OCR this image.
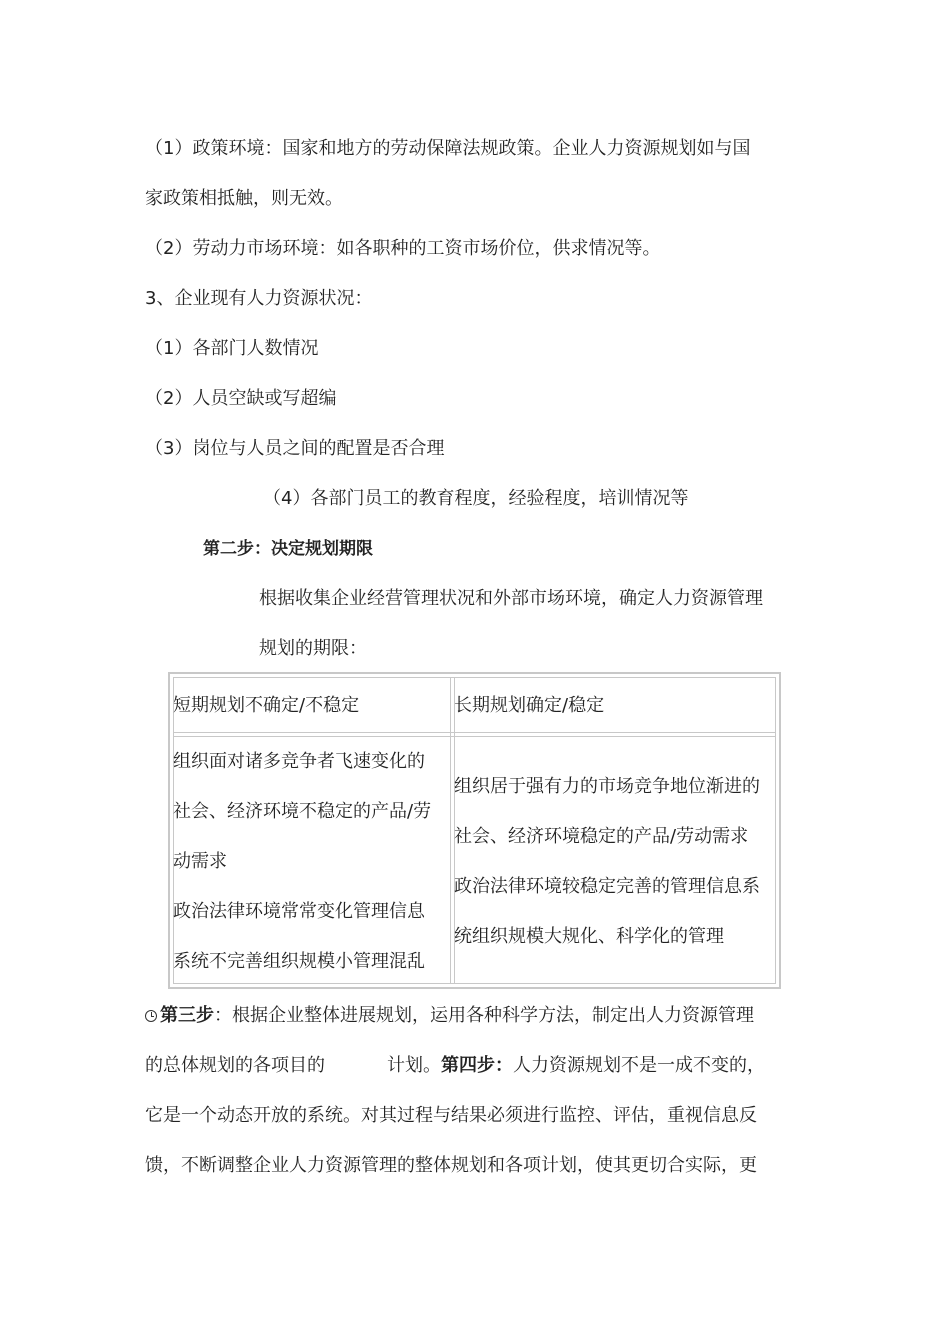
（1）政策环境：国家和地方的劳动保障法规政策。企业人力资源规划如与国
家政策相抵触，则无效。
（2）劳动力市场环境：如各职种的工资市场价位，供求情况等。
3、企业现有人力资源状况：
（1）各部门人数情况
（2）人员空缺或写超编
（3）岗位与人员之间的配置是否合理
（4）各部门员工的教育程度，经验程度，培训情况等
第二步：决定规划期限
根据收集企业经营管理状况和外部市场环境，确定人力资源管理
规划的期限：
短期规划不确定/不稳定	长期规划确定/稳定
组织面对诸多竞争者飞速变化的
社会、经济环境不稳定的产品/劳
动需求
政治法律环境常常变化管理信息
系统不完善组织规模小管理混乱
组织居于强有力的市场竞争地位渐进的
社会、经济环境稳定的产品/劳动需求
政治法律环境较稳定完善的管理信息系
统组织规模大规化、科学化的管理
第三步：根据企业整体进展规划，运用各种科学方法，制定出人力资源管理
的总体规划的各项目的	计划。第四步：人力资源规划不是一成不变的，
它是一个动态开放的系统。对其过程与结果必须进行监控、评估，重视信息反
馈，不断调整企业人力资源管理的整体规划和各项计划，使其更切合实际，更
